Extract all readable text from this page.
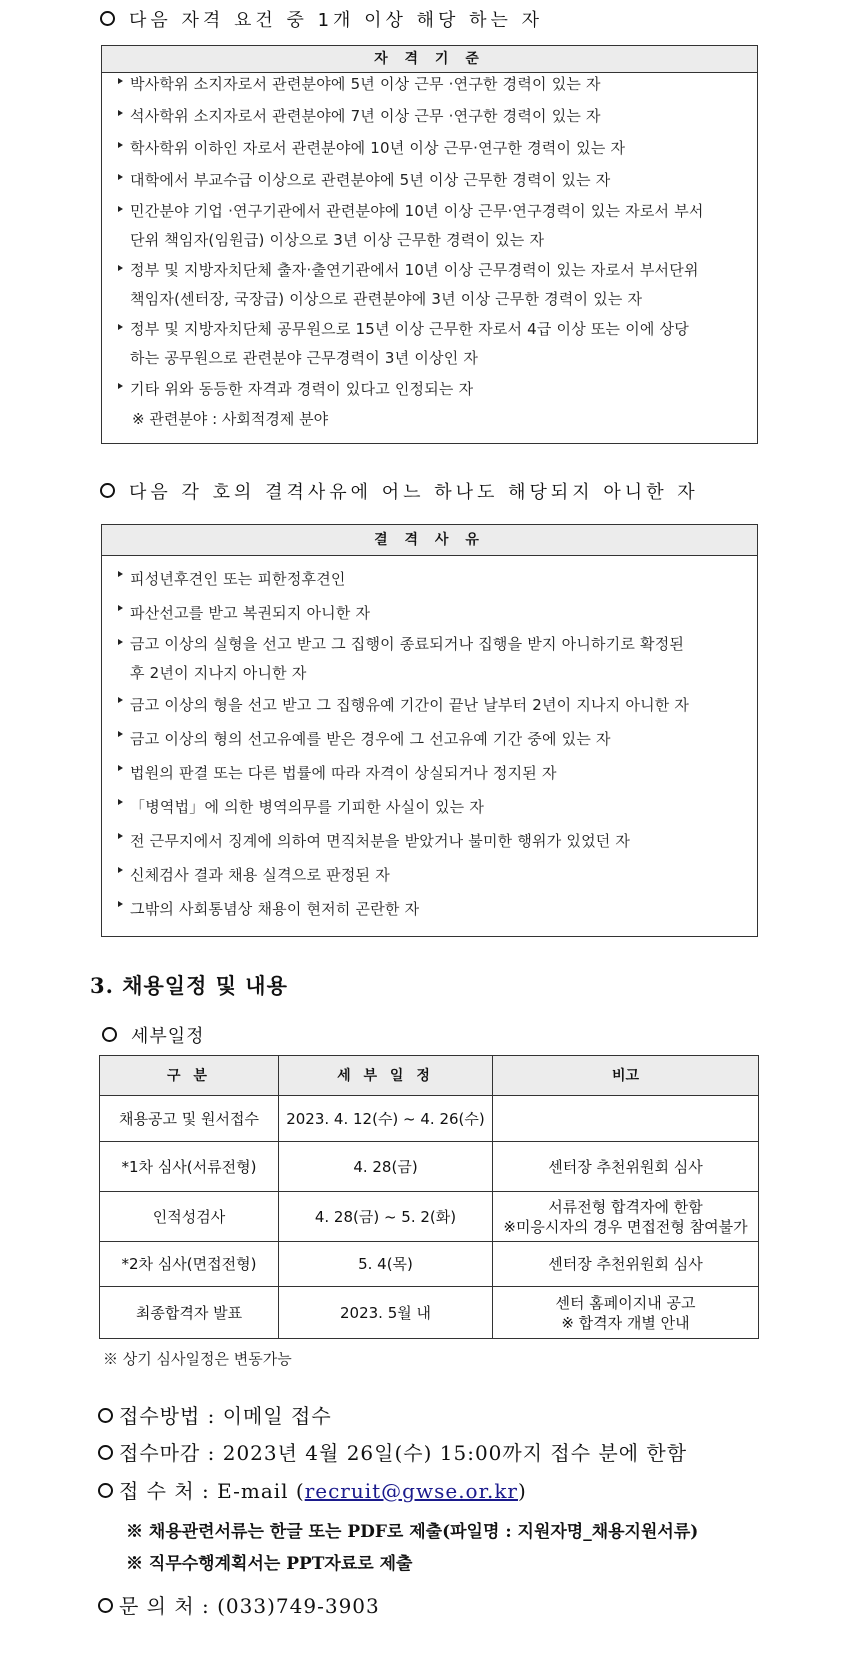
다음 자격 요건 중 1개 이상 해당 하는 자
자 격 기 준
박사학위 소지자로서 관련분야에 5년 이상 근무 ·연구한 경력이 있는 자
석사학위 소지자로서 관련분야에 7년 이상 근무 ·연구한 경력이 있는 자
학사학위 이하인 자로서 관련분야에 10년 이상 근무·연구한 경력이 있는 자
대학에서 부교수급 이상으로 관련분야에 5년 이상 근무한 경력이 있는 자
민간분야 기업 ·연구기관에서 관련분야에 10년 이상 근무·연구경력이 있는 자로서 부서
단위 책임자(임원급) 이상으로 3년 이상 근무한 경력이 있는 자
정부 및 지방자치단체 출자·출연기관에서 10년 이상 근무경력이 있는 자로서 부서단위
책임자(센터장, 국장급) 이상으로 관련분야에 3년 이상 근무한 경력이 있는 자
정부 및 지방자치단체 공무원으로 15년 이상 근무한 자로서 4급 이상 또는 이에 상당
하는 공무원으로 관련분야 근무경력이 3년 이상인 자
기타 위와 동등한 자격과 경력이 있다고 인정되는 자
※ 관련분야 : 사회적경제 분야
다음 각 호의 결격사유에 어느 하나도 해당되지 아니한 자
결 격 사 유
피성년후견인 또는 피한정후견인
파산선고를 받고 복권되지 아니한 자
금고 이상의 실형을 선고 받고 그 집행이 종료되거나 집행을 받지 아니하기로 확정된
후 2년이 지나지 아니한 자
금고 이상의 형을 선고 받고 그 집행유예 기간이 끝난 날부터 2년이 지나지 아니한 자
금고 이상의 형의 선고유예를 받은 경우에 그 선고유예 기간 중에 있는 자
법원의 판결 또는 다른 법률에 따라 자격이 상실되거나 정지된 자
「병역법」에 의한 병역의무를 기피한 사실이 있는 자
전 근무지에서 징계에 의하여 면직처분을 받았거나 불미한 행위가 있었던 자
신체검사 결과 채용 실격으로 판정된 자
그밖의 사회통념상 채용이 현저히 곤란한 자
3. 채용일정 및 내용
세부일정
구 분	세 부 일 정	비고

채용공고 및 원서접수	2023. 4. 12(수) ~ 4. 26(수)	

*1차 심사(서류전형)	4. 28(금)	센터장 추천위원회 심사

인적성검사	4. 28(금) ~ 5. 2(화)	서류전형 합격자에 한함
※미응시자의 경우 면접전형 참여불가

*2차 심사(면접전형)	5. 4(목)	센터장 추천위원회 심사

최종합격자 발표	2023. 5월 내	센터 홈페이지내 공고
※ 합격자 개별 안내
※ 상기 심사일정은 변동가능
접수방법 : 이메일 접수
접수마감 : 2023년 4월 26일(수) 15:00까지 접수 분에 한함
접 수 처 : E-mail (recruit@gwse.or.kr)
※ 채용관련서류는 한글 또는 PDF로 제출(파일명 : 지원자명_채용지원서류)
※ 직무수행계획서는 PPT자료로 제출
문 의 처 : (033)749-3903
